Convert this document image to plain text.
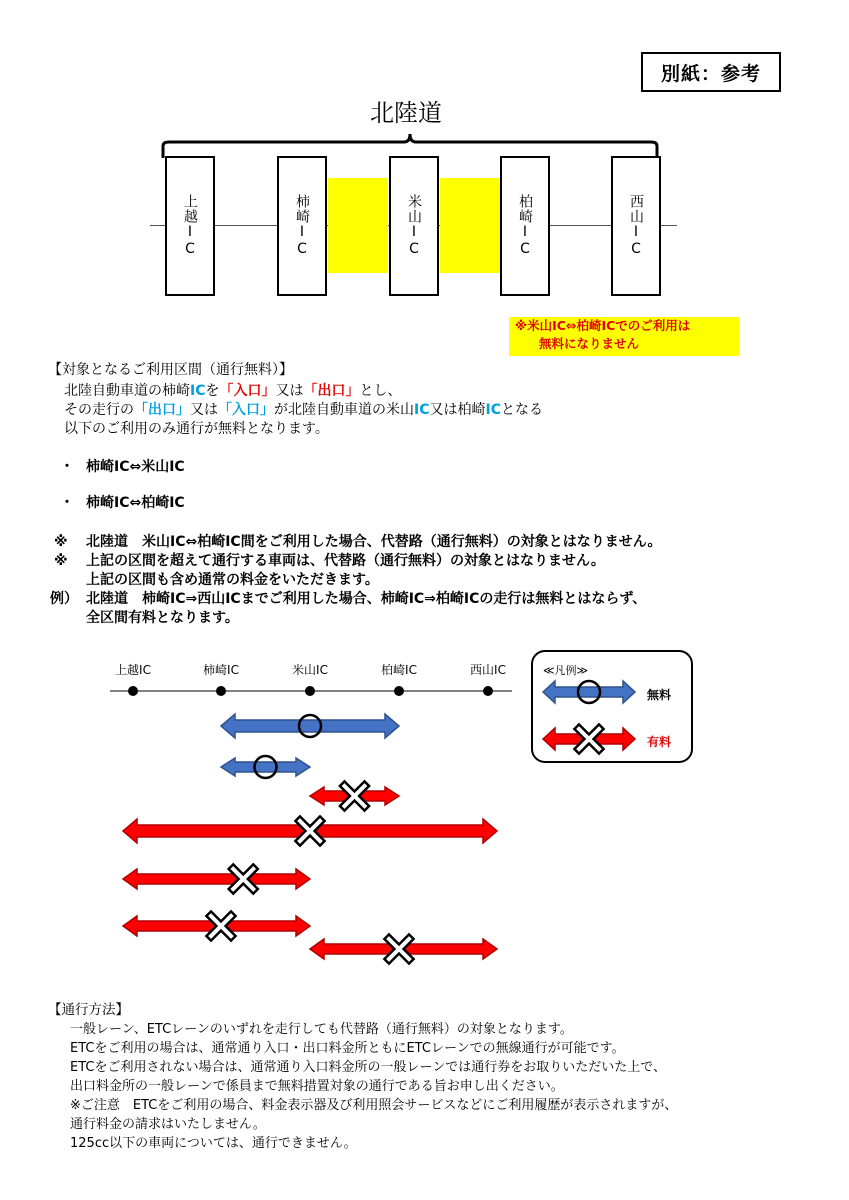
別紙：参考
北陸道
上越IC	柿崎IC	米山IC	柏崎IC	西山IC
※米山IC⇔柏崎ICでのご利用は
無料になりません
【対象となるご利用区間（通行無料）】
北陸自動車道の柿崎ICを「入口」又は「出口」とし、
その走行の「出口」又は「入口」が北陸自動車道の米山IC又は柏崎ICとなる
以下のご利用のみ通行が無料となります。
・ 柿崎IC⇔米山IC
・ 柿崎IC⇔柏崎IC
※ 北陸道　米山IC⇔柏崎IC間をご利用した場合、代替路（通行無料）の対象とはなりません。
※ 上記の区間を超えて通行する車両は、代替路（通行無料）の対象とはなりません。
上記の区間も含め通常の料金をいただきます。
例） 北陸道　柿崎IC⇒西山ICまでご利用した場合、柿崎IC⇒柏崎ICの走行は無料とはならず、
全区間有料となります。
上越IC	柿崎IC	米山IC	柏崎IC	西山IC	≪凡例≫
無料
有料
【通行方法】
一般レーン、ETCレーンのいずれを走行しても代替路（通行無料）の対象となります。
ETCをご利用の場合は、通常通り入口・出口料金所ともにETCレーンでの無線通行が可能です。
ETCをご利用されない場合は、通常通り入口料金所の一般レーンでは通行券をお取りいただいた上で、
出口料金所の一般レーンで係員まで無料措置対象の通行である旨お申し出ください。
※ご注意　ETCをご利用の場合、料金表示器及び利用照会サービスなどにご利用履歴が表示されますが、
通行料金の請求はいたしません。
125cc以下の車両については、通行できません。
